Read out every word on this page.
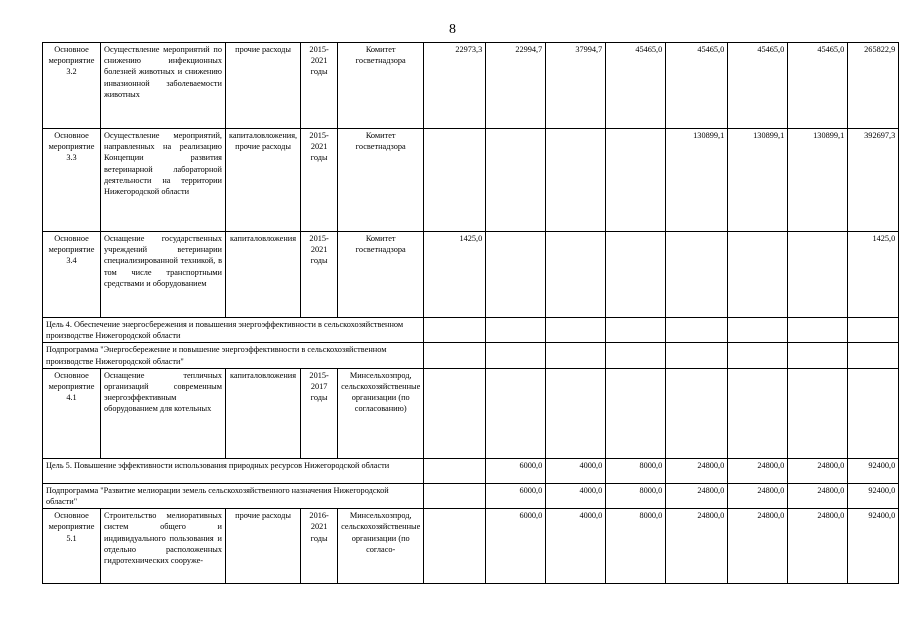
8
Основное мероприятие 3.2	Осуществление мероприятий по снижению инфекционных болезней животных и снижению инвазионной заболеваемости животных	прочие расходы	2015-2021 годы	Комитет госветнадзора	22973,3	22994,7	37994,7	45465,0	45465,0	45465,0	45465,0	265822,9
Основное мероприятие 3.3	Осуществление мероприятий, направленных на реализацию Концепции развития ветеринарной лабораторной деятельности на территории Нижегородской области	капиталовложения, прочие расходы	2015-2021 годы	Комитет госветнадзора					130899,1	130899,1	130899,1	392697,3
Основное мероприятие 3.4	Оснащение государственных учреждений ветеринарии специализированной техникой, в том числе транспортными средствами и оборудованием	капиталовложения	2015-2021 годы	Комитет госветнадзора	1425,0							1425,0
Цель 4. Обеспечение энергосбережения и повышения энергоэффективности в сельскохозяйственном производстве Нижегородской области												
Подпрограмма "Энергосбережение и повышение энергоэффективности в сельскохозяйственном производстве Нижегородской области"												
Основное мероприятие 4.1	Оснащение тепличных организаций современным энергоэффективным оборудованием для котельных	капиталовложения	2015-2017 годы	Минсельхозпрод, сельскохозяйственные организации (по согласованию)								
Цель 5. Повышение эффективности использования природных ресурсов Нижегородской области						6000,0	4000,0	8000,0	24800,0	24800,0	24800,0	92400,0
Подпрограмма "Развитие мелиорации земель сельскохозяйственного назначения Нижегородской области"						6000,0	4000,0	8000,0	24800,0	24800,0	24800,0	92400,0
Основное мероприятие 5.1	Строительство мелиоративных систем общего и индивидуального пользования и отдельно расположенных гидротехнических сооруже-	прочие расходы	2016-2021 годы	Минсельхозпрод, сельскохозяйственные организации (по согласо-		6000,0	4000,0	8000,0	24800,0	24800,0	24800,0	92400,0
